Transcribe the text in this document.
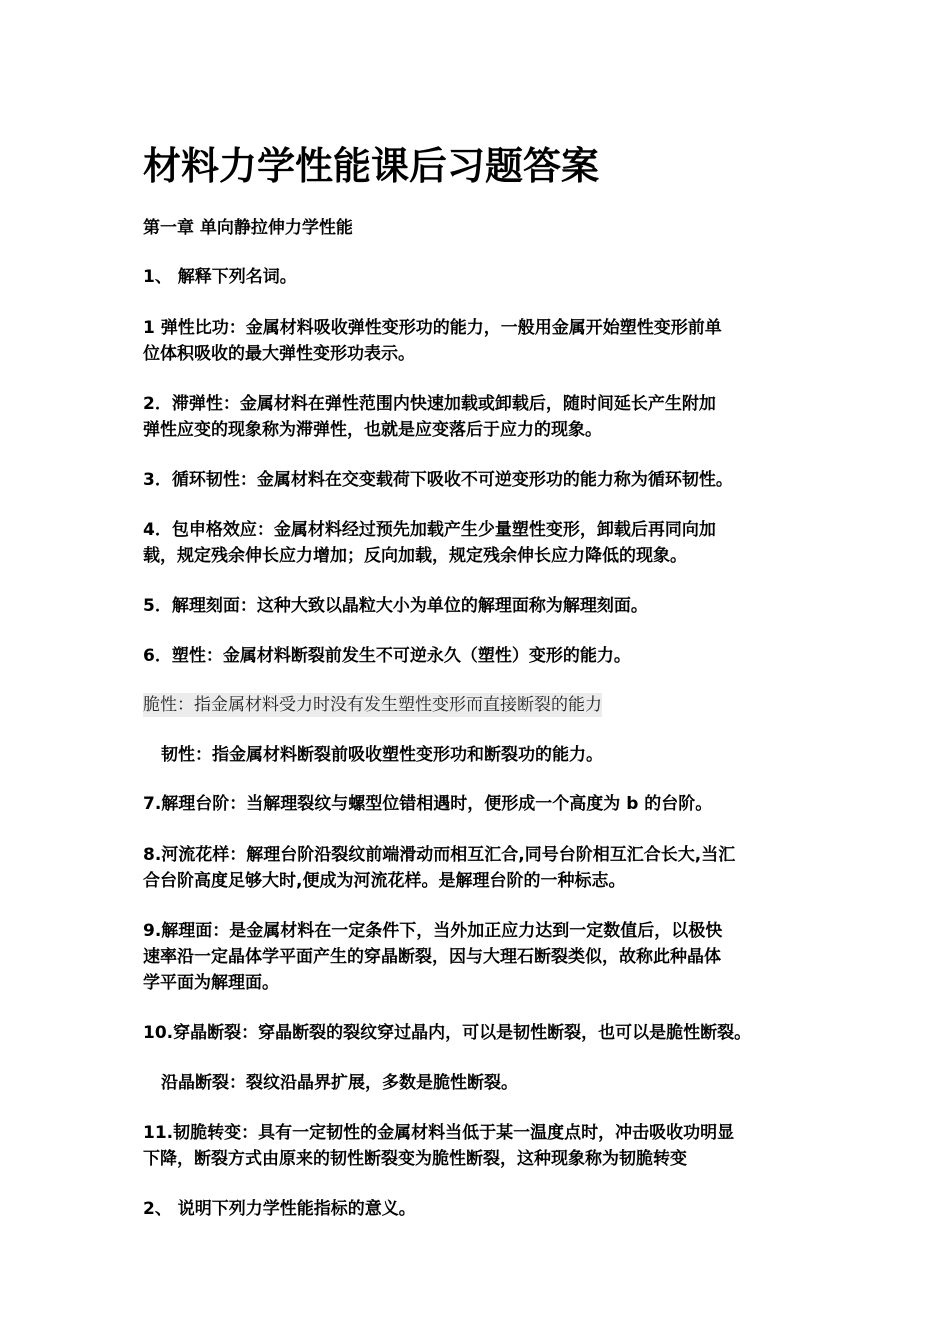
材料力学性能课后习题答案

第一章 单向静拉伸力学性能

1、 解释下列名词。

1 弹性比功：金属材料吸收弹性变形功的能力，一般用金属开始塑性变形前单
位体积吸收的最大弹性变形功表示。

2．滞弹性：金属材料在弹性范围内快速加载或卸载后，随时间延长产生附加
弹性应变的现象称为滞弹性，也就是应变落后于应力的现象。

3．循环韧性：金属材料在交变载荷下吸收不可逆变形功的能力称为循环韧性。

4．包申格效应：金属材料经过预先加载产生少量塑性变形，卸载后再同向加
载，规定残余伸长应力增加；反向加载，规定残余伸长应力降低的现象。

5．解理刻面：这种大致以晶粒大小为单位的解理面称为解理刻面。

6．塑性：金属材料断裂前发生不可逆永久（塑性）变形的能力。

脆性：指金属材料受力时没有发生塑性变形而直接断裂的能力

韧性：指金属材料断裂前吸收塑性变形功和断裂功的能力。

7.解理台阶：当解理裂纹与螺型位错相遇时，便形成一个高度为 b 的台阶。

8.河流花样：解理台阶沿裂纹前端滑动而相互汇合,同号台阶相互汇合长大,当汇
合台阶高度足够大时,便成为河流花样。是解理台阶的一种标志。

9.解理面：是金属材料在一定条件下，当外加正应力达到一定数值后，以极快
速率沿一定晶体学平面产生的穿晶断裂，因与大理石断裂类似，故称此种晶体
学平面为解理面。

10.穿晶断裂：穿晶断裂的裂纹穿过晶内，可以是韧性断裂，也可以是脆性断裂。

沿晶断裂：裂纹沿晶界扩展，多数是脆性断裂。

11.韧脆转变：具有一定韧性的金属材料当低于某一温度点时，冲击吸收功明显
下降，断裂方式由原来的韧性断裂变为脆性断裂，这种现象称为韧脆转变

2、 说明下列力学性能指标的意义。
